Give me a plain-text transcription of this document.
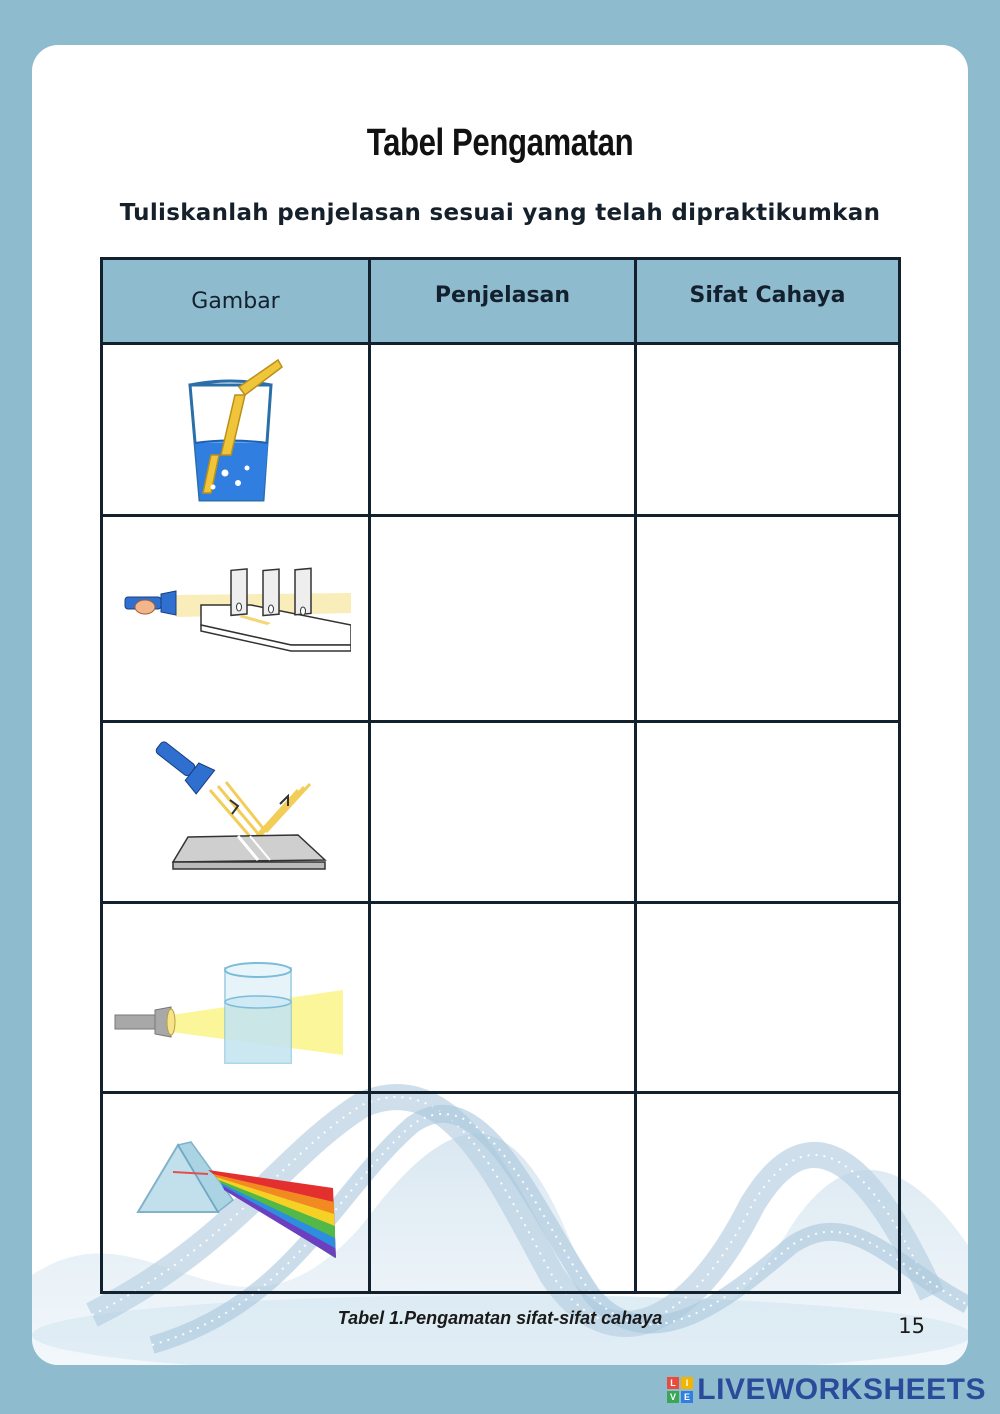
Tabel Pengamatan
Tuliskanlah penjelasan sesuai yang telah dipraktikumkan
Gambar	Penjelasan	Sifat Cahaya
Tabel 1.Pengamatan sifat-sifat cahaya	15
L	I
V E LIVEWORKSHEETS
